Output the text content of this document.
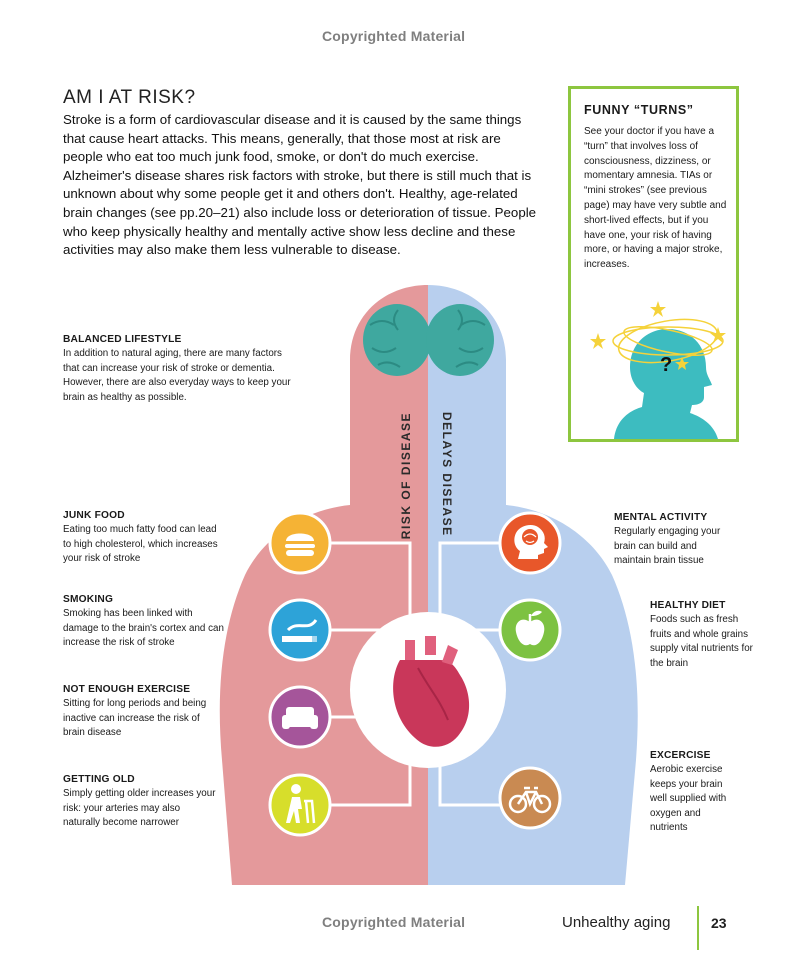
Copyrighted Material
Copyrighted Material
AM I AT RISK?
Stroke is a form of cardiovascular disease and it is caused by the same things that cause heart attacks. This means, generally, that those most at risk are people who eat too much junk food, smoke, or don't do much exercise. Alzheimer's disease shares risk factors with stroke, but there is still much that is unknown about why some people get it and others don't. Healthy, age-related brain changes (see pp.20–21) also include loss or deterioration of tissue. People who keep physically healthy and mentally active show less decline and these activities may also make them less vulnerable to disease.
FUNNY “TURNS”
See your doctor if you have a “turn” that involves loss of consciousness, dizziness, or momentary amnesia. TIAs or “mini strokes” (see previous page) may have very subtle and short-lived effects, but if you have one, your risk of having more, or having a major stroke, increases.
?
RISK OF DISEASE DELAYS DISEASE
BALANCED LIFESTYLE
In addition to natural aging, there are many factors that can increase your risk of stroke or dementia. However, there are also everyday ways to keep your brain as healthy as possible.
JUNK FOOD
Eating too much fatty food can lead to high cholesterol, which increases your risk of stroke
SMOKING
Smoking has been linked with damage to the brain's cortex and can increase the risk of stroke
NOT ENOUGH EXERCISE
Sitting for long periods and being inactive can increase the risk of brain disease
GETTING OLD
Simply getting older increases your risk: your arteries may also naturally become narrower
MENTAL ACTIVITY
Regularly engaging your brain can build and maintain brain tissue
HEALTHY DIET
Foods such as fresh fruits and whole grains supply vital nutrients for the brain
EXCERCISE
Aerobic exercise keeps your brain well supplied with oxygen and nutrients
Unhealthy aging	23
